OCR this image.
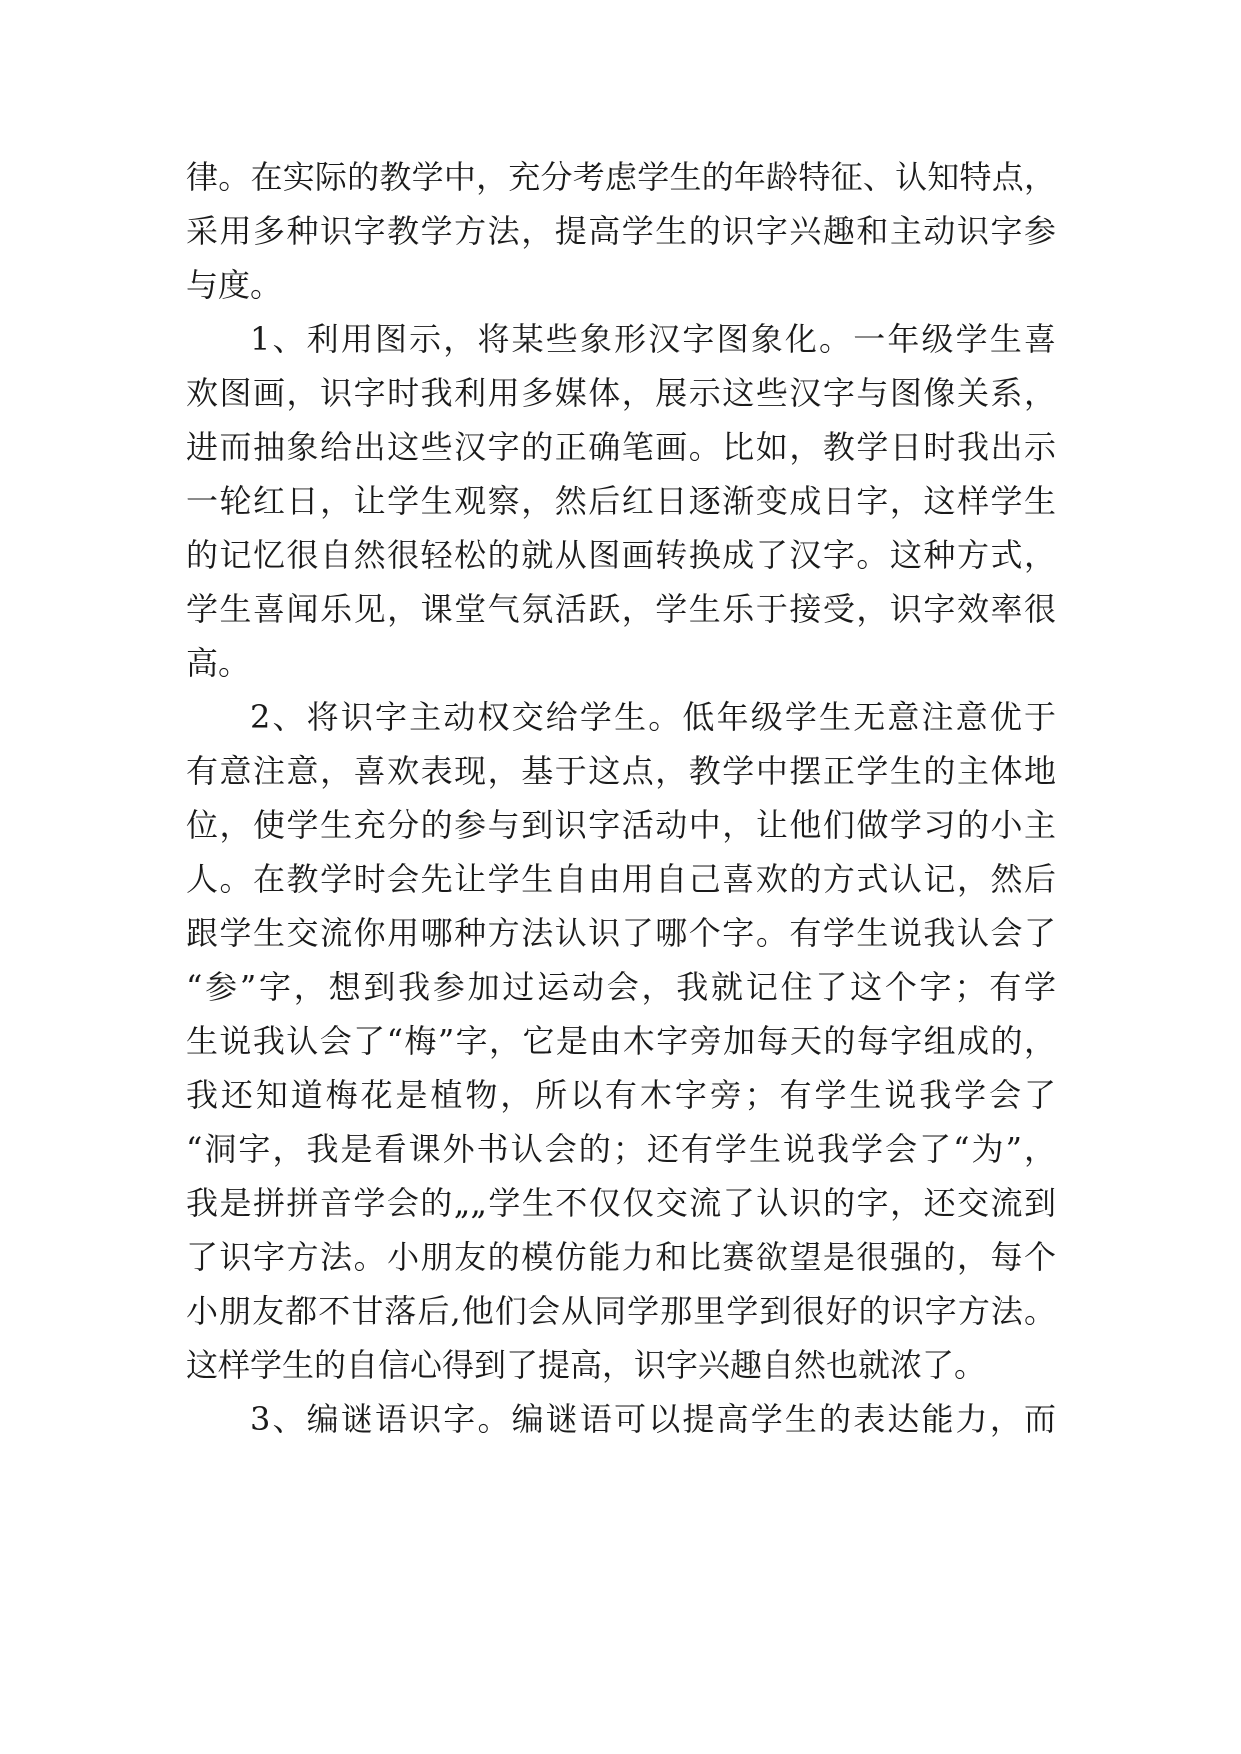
律。在实际的教学中，充分考虑学生的年龄特征、认知特点，
采用多种识字教学方法，提高学生的识字兴趣和主动识字参
与度。
1、利用图示，将某些象形汉字图象化。一年级学生喜
欢图画，识字时我利用多媒体，展示这些汉字与图像关系，
进而抽象给出这些汉字的正确笔画。比如，教学日时我出示
一轮红日，让学生观察，然后红日逐渐变成日字，这样学生
的记忆很自然很轻松的就从图画转换成了汉字。这种方式，
学生喜闻乐见，课堂气氛活跃，学生乐于接受，识字效率很
高。
2、将识字主动权交给学生。低年级学生无意注意优于
有意注意，喜欢表现，基于这点，教学中摆正学生的主体地
位，使学生充分的参与到识字活动中，让他们做学习的小主
人。在教学时会先让学生自由用自己喜欢的方式认记，然后
跟学生交流你用哪种方法认识了哪个字。有学生说我认会了
“参”字，想到我参加过运动会，我就记住了这个字；有学
生说我认会了“梅”字，它是由木字旁加每天的每字组成的，
我还知道梅花是植物，所以有木字旁；有学生说我学会了
“洞字，我是看课外书认会的；还有学生说我学会了“为”，
我是拼拼音学会的„„学生不仅仅交流了认识的字，还交流到
了识字方法。小朋友的模仿能力和比赛欲望是很强的，每个
小朋友都不甘落后,他们会从同学那里学到很好的识字方法。
这样学生的自信心得到了提高，识字兴趣自然也就浓了。
3、编谜语识字。编谜语可以提高学生的表达能力，而
